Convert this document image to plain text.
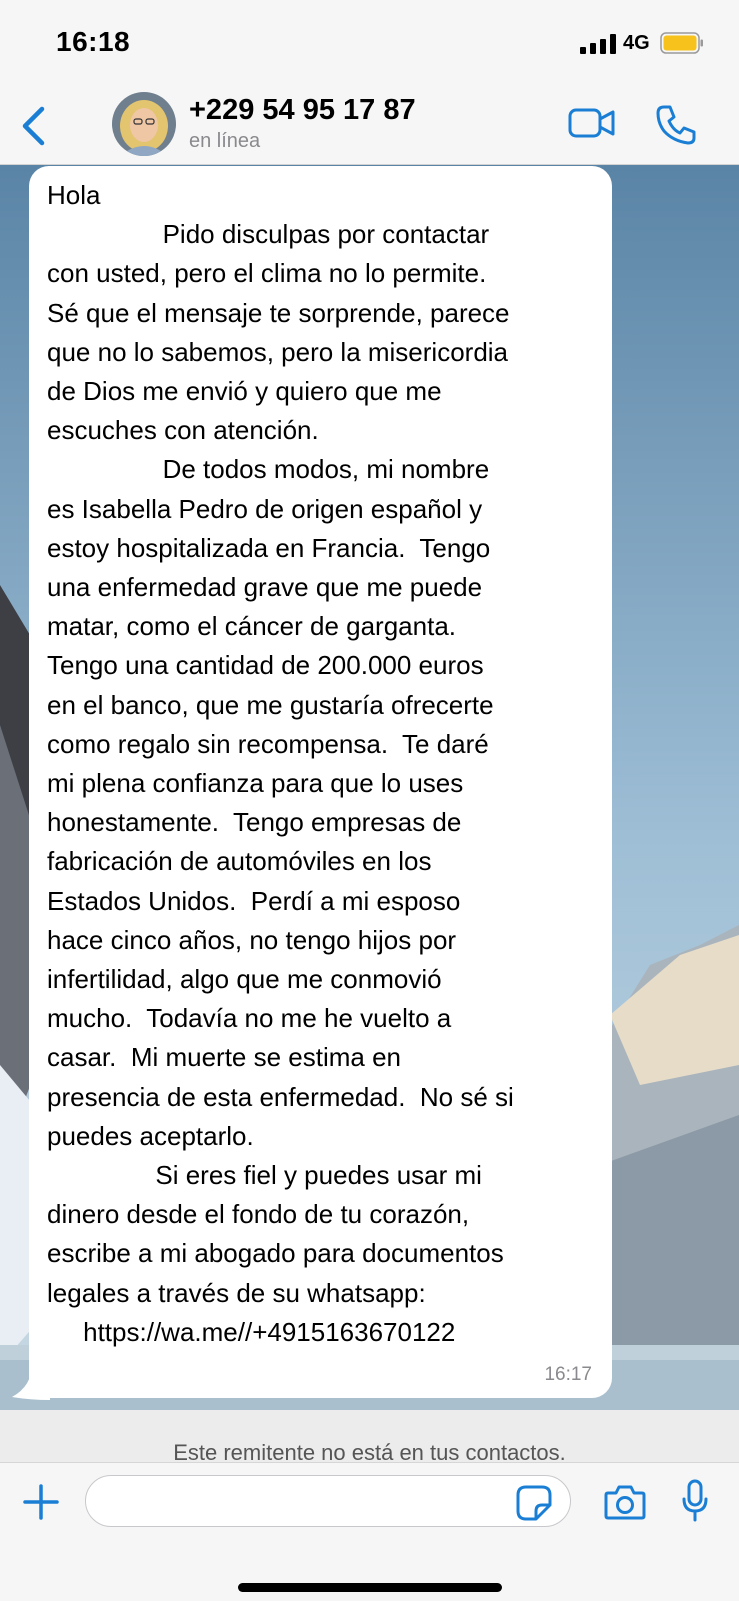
16:18	4G
+229 54 95 17 87
en línea
Hola
Pido disculpas por contactar
con usted, pero el clima no lo permite.
Sé que el mensaje te sorprende, parece
que no lo sabemos, pero la misericordia
de Dios me envió y quiero que me
escuches con atención.
De todos modos, mi nombre
es Isabella Pedro de origen español y
estoy hospitalizada en Francia.  Tengo
una enfermedad grave que me puede
matar, como el cáncer de garganta.
Tengo una cantidad de 200.000 euros
en el banco, que me gustaría ofrecerte
como regalo sin recompensa.  Te daré
mi plena confianza para que lo uses
honestamente.  Tengo empresas de
fabricación de automóviles en los
Estados Unidos.  Perdí a mi esposo
hace cinco años, no tengo hijos por
infertilidad, algo que me conmovió
mucho.  Todavía no me he vuelto a
casar.  Mi muerte se estima en
presencia de esta enfermedad.  No sé si
puedes aceptarlo.
Si eres fiel y puedes usar mi
dinero desde el fondo de tu corazón,
escribe a mi abogado para documentos
legales a través de su whatsapp:
https://wa.me//+4915163670122
16:17
Este remitente no está en tus contactos.
